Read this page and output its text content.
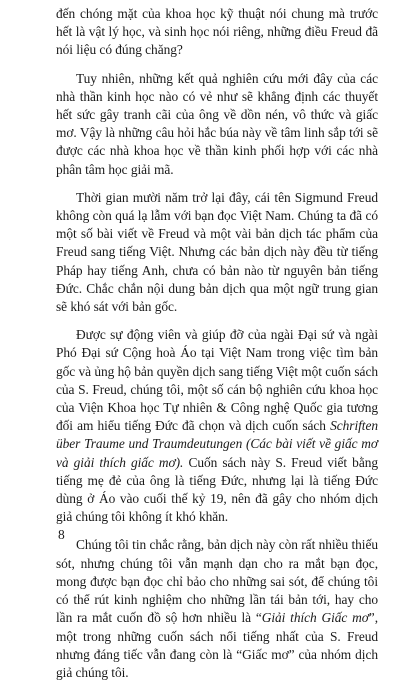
đến chóng mặt của khoa học kỹ thuật nói chung mà trước hết là vật lý học, và sinh học nói riêng, những điều Freud đã nói liệu có đúng chăng?

Tuy nhiên, những kết quả nghiên cứu mới đây của các nhà thần kinh học nào có vẻ như sẽ khẳng định các thuyết hết sức gây tranh cãi của ông về dồn nén, vô thức và giấc mơ. Vậy là những câu hỏi hắc búa này về tâm linh sắp tới sẽ được các nhà khoa học về thần kinh phối hợp với các nhà phân tâm học giải mã.

Thời gian mười năm trở lại đây, cái tên Sigmund Freud không còn quá lạ lẫm với bạn đọc Việt Nam. Chúng ta đã có một số bài viết về Freud và một vài bản dịch tác phẩm của Freud sang tiếng Việt. Nhưng các bản dịch này đều từ tiếng Pháp hay tiếng Anh, chưa có bản nào từ nguyên bản tiếng Đức. Chắc chắn nội dung bản dịch qua một ngữ trung gian sẽ khó sát với bản gốc.

Được sự động viên và giúp đỡ của ngài Đại sứ và ngài Phó Đại sứ Cộng hoà Áo tại Việt Nam trong việc tìm bản gốc và ủng hộ bản quyền dịch sang tiếng Việt một cuốn sách của S. Freud, chúng tôi, một số cán bộ nghiên cứu khoa học của Viện Khoa học Tự nhiên & Công nghệ Quốc gia tương đối am hiểu tiếng Đức đã chọn và dịch cuốn sách Schriften über Traume und Traumdeutungen (Các bài viết về giấc mơ và giải thích giấc mơ). Cuốn sách này S. Freud viết bằng tiếng mẹ đẻ của ông là tiếng Đức, nhưng lại là tiếng Đức dùng ở Áo vào cuối thế kỷ 19, nên đã gây cho nhóm dịch giả chúng tôi không ít khó khăn.

Chúng tôi tin chắc rằng, bản dịch này còn rất nhiều thiếu sót, nhưng chúng tôi vẫn mạnh dạn cho ra mắt bạn đọc, mong được bạn đọc chỉ bảo cho những sai sót, để chúng tôi có thể rút kinh nghiệm cho những lần tái bản tới, hay cho lần ra mắt cuốn đồ sộ hơn nhiều là “Giải thích Giấc mơ”, một trong những cuốn sách nổi tiếng nhất của S. Freud nhưng đáng tiếc vẫn đang còn là “Giấc mơ” của nhóm dịch giả chúng tôi.

8
